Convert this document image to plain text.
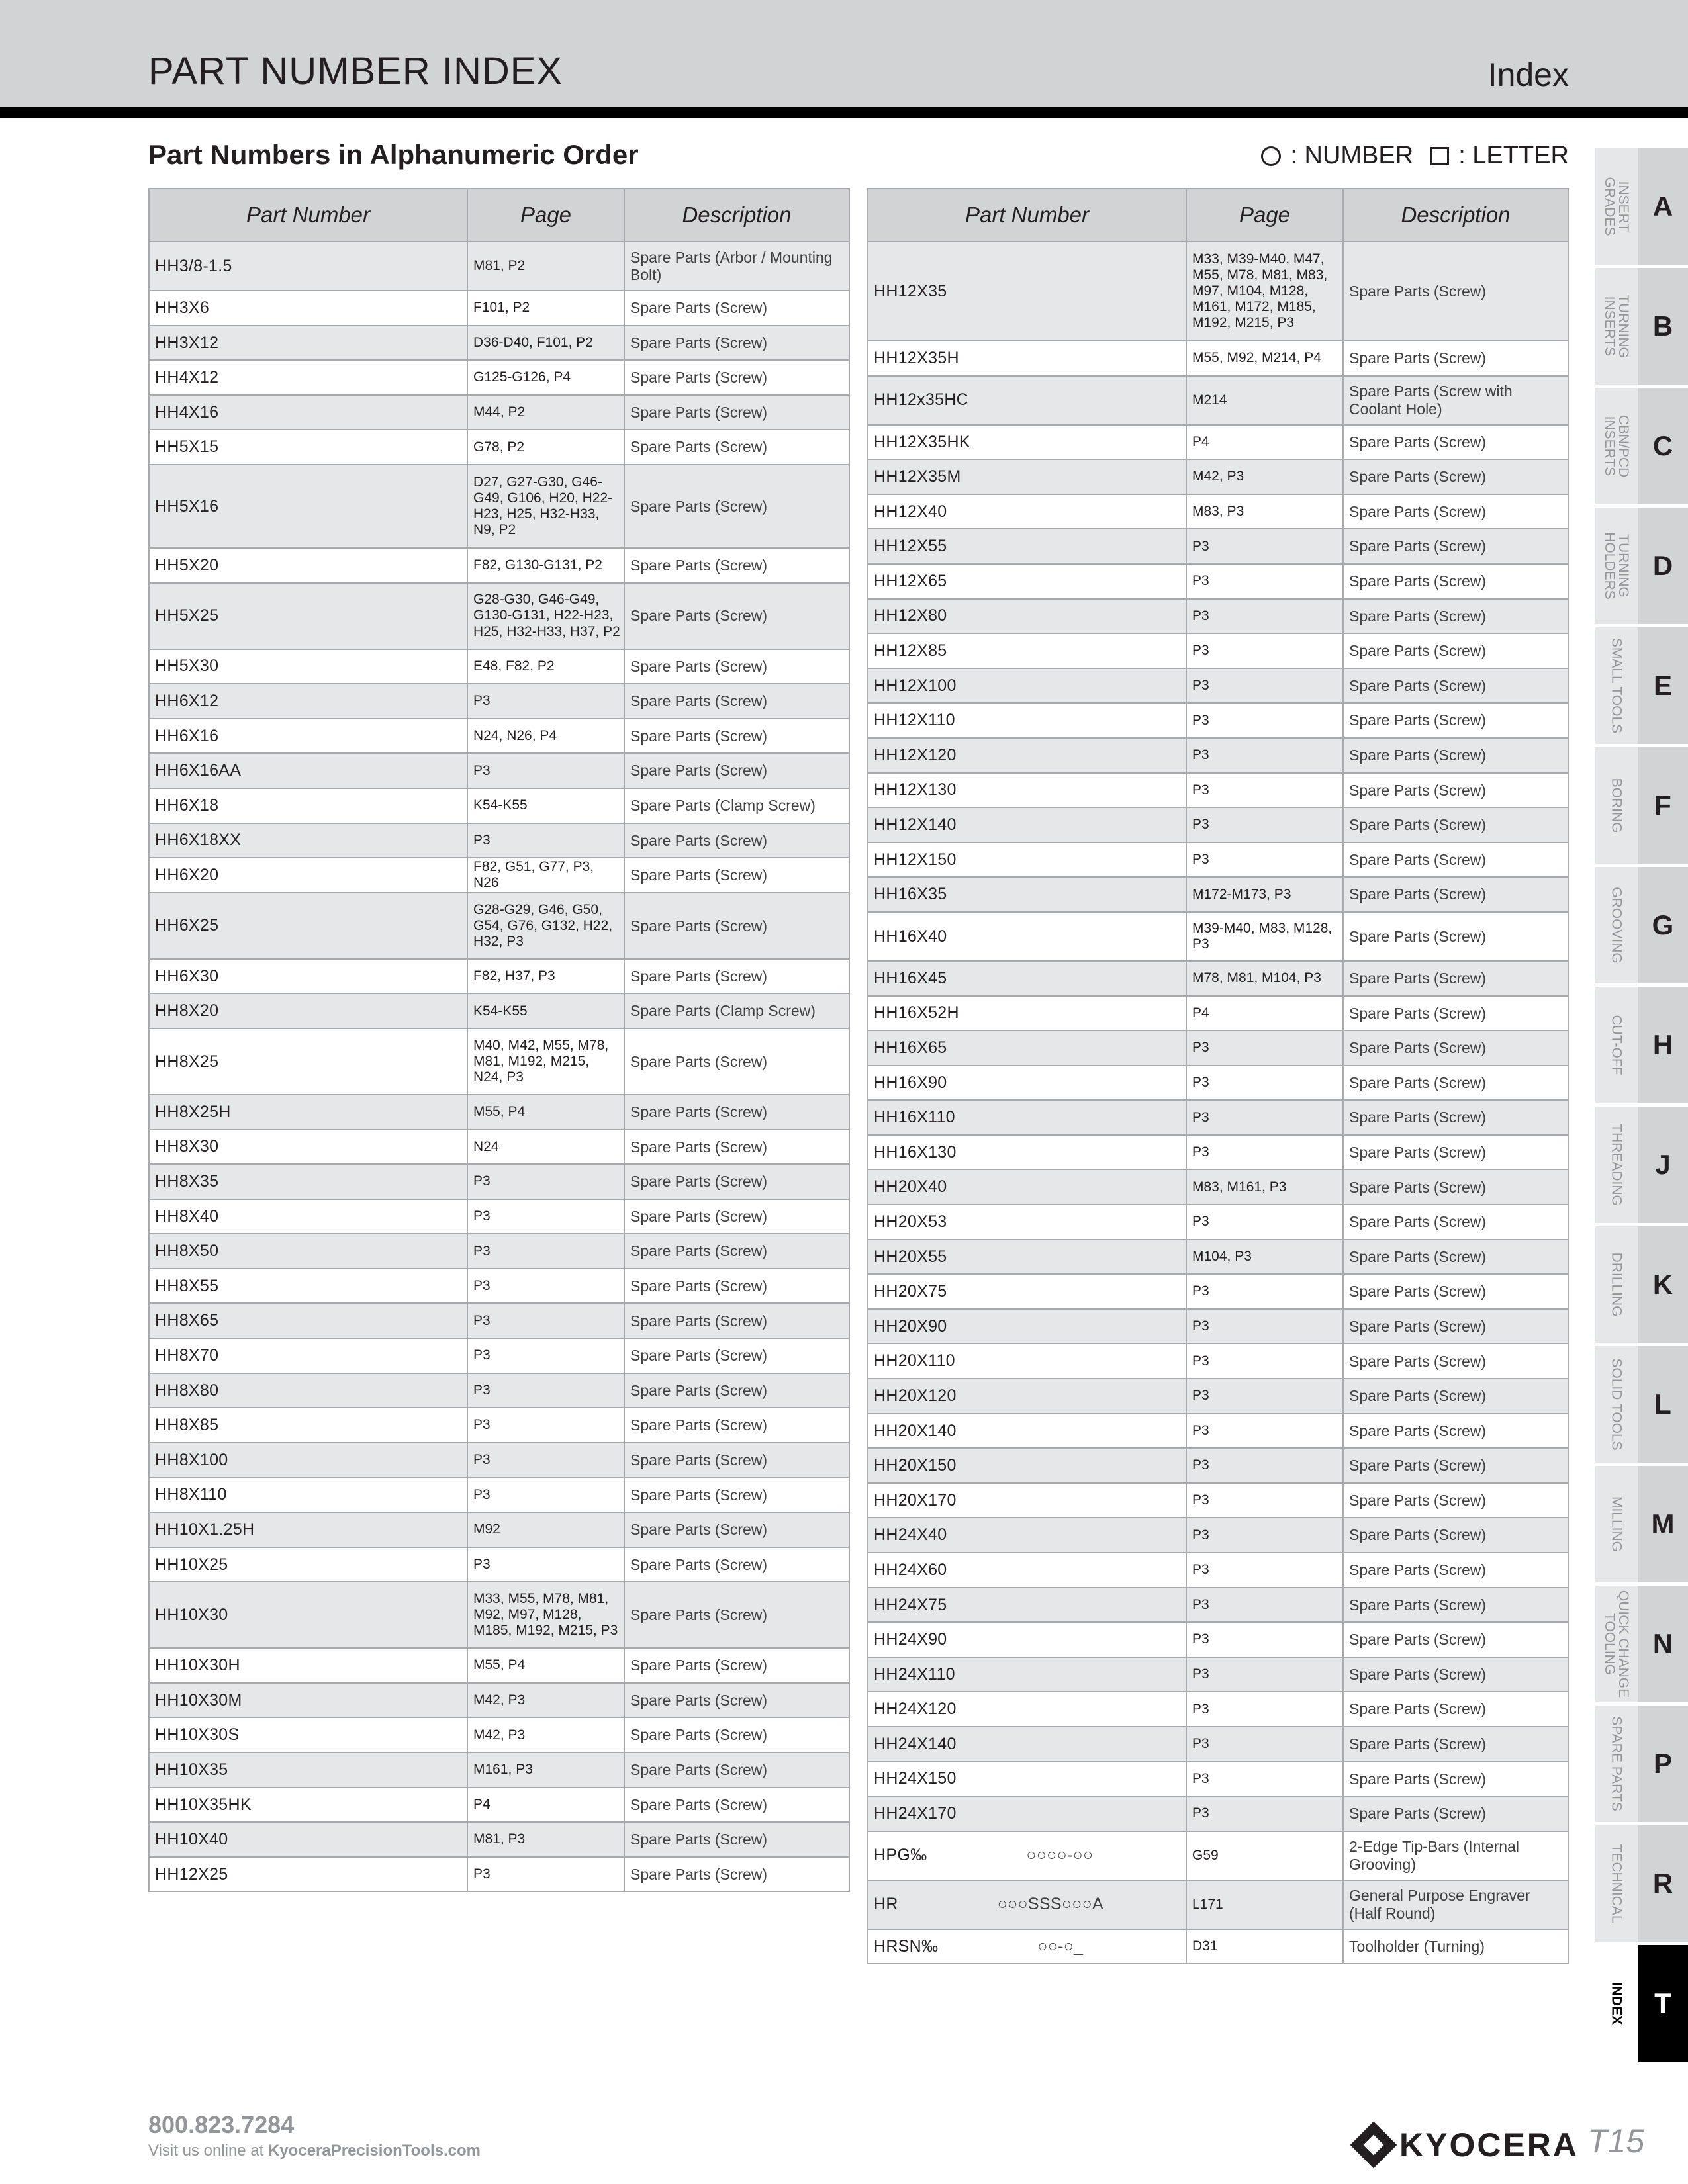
PART NUMBER INDEX	Index
Part Numbers in Alphanumeric Order	: NUMBER : LETTER
Part Number	Page	Description
HH3/8-1.5	M81, P2	Spare Parts (Arbor / Mounting Bolt)
HH3X6	F101, P2	Spare Parts (Screw)
HH3X12	D36-D40, F101, P2	Spare Parts (Screw)
HH4X12	G125-G126, P4	Spare Parts (Screw)
HH4X16	M44, P2	Spare Parts (Screw)
HH5X15	G78, P2	Spare Parts (Screw)
HH5X16	D27, G27-G30, G46-G49, G106, H20, H22-H23, H25, H32-H33, N9, P2	Spare Parts (Screw)
HH5X20	F82, G130-G131, P2	Spare Parts (Screw)
HH5X25	G28-G30, G46-G49, G130-G131, H22-H23, H25, H32-H33, H37, P2	Spare Parts (Screw)
HH5X30	E48, F82, P2	Spare Parts (Screw)
HH6X12	P3	Spare Parts (Screw)
HH6X16	N24, N26, P4	Spare Parts (Screw)
HH6X16AA	P3	Spare Parts (Screw)
HH6X18	K54-K55	Spare Parts (Clamp Screw)
HH6X18XX	P3	Spare Parts (Screw)
HH6X20	F82, G51, G77, P3, N26	Spare Parts (Screw)
HH6X25	G28-G29, G46, G50, G54, G76, G132, H22, H32, P3	Spare Parts (Screw)
HH6X30	F82, H37, P3	Spare Parts (Screw)
HH8X20	K54-K55	Spare Parts (Clamp Screw)
HH8X25	M40, M42, M55, M78, M81, M192, M215, N24, P3	Spare Parts (Screw)
HH8X25H	M55, P4	Spare Parts (Screw)
HH8X30	N24	Spare Parts (Screw)
HH8X35	P3	Spare Parts (Screw)
HH8X40	P3	Spare Parts (Screw)
HH8X50	P3	Spare Parts (Screw)
HH8X55	P3	Spare Parts (Screw)
HH8X65	P3	Spare Parts (Screw)
HH8X70	P3	Spare Parts (Screw)
HH8X80	P3	Spare Parts (Screw)
HH8X85	P3	Spare Parts (Screw)
HH8X100	P3	Spare Parts (Screw)
HH8X110	P3	Spare Parts (Screw)
HH10X1.25H	M92	Spare Parts (Screw)
HH10X25	P3	Spare Parts (Screw)
HH10X30	M33, M55, M78, M81, M92, M97, M128, M185, M192, M215, P3	Spare Parts (Screw)
HH10X30H	M55, P4	Spare Parts (Screw)
HH10X30M	M42, P3	Spare Parts (Screw)
HH10X30S	M42, P3	Spare Parts (Screw)
HH10X35	M161, P3	Spare Parts (Screw)
HH10X35HK	P4	Spare Parts (Screw)
HH10X40	M81, P3	Spare Parts (Screw)
HH12X25	P3	Spare Parts (Screw)
Part Number	Page	Description
HH12X35	M33, M39-M40, M47, M55, M78, M81, M83, M97, M104, M128, M161, M172, M185, M192, M215, P3	Spare Parts (Screw)
HH12X35H	M55, M92, M214, P4	Spare Parts (Screw)
HH12x35HC	M214	Spare Parts (Screw with Coolant Hole)
HH12X35HK	P4	Spare Parts (Screw)
HH12X35M	M42, P3	Spare Parts (Screw)
HH12X40	M83, P3	Spare Parts (Screw)
HH12X55	P3	Spare Parts (Screw)
HH12X65	P3	Spare Parts (Screw)
HH12X80	P3	Spare Parts (Screw)
HH12X85	P3	Spare Parts (Screw)
HH12X100	P3	Spare Parts (Screw)
HH12X110	P3	Spare Parts (Screw)
HH12X120	P3	Spare Parts (Screw)
HH12X130	P3	Spare Parts (Screw)
HH12X140	P3	Spare Parts (Screw)
HH12X150	P3	Spare Parts (Screw)
HH16X35	M172-M173, P3	Spare Parts (Screw)
HH16X40	M39-M40, M83, M128, P3	Spare Parts (Screw)
HH16X45	M78, M81, M104, P3	Spare Parts (Screw)
HH16X52H	P4	Spare Parts (Screw)
HH16X65	P3	Spare Parts (Screw)
HH16X90	P3	Spare Parts (Screw)
HH16X110	P3	Spare Parts (Screw)
HH16X130	P3	Spare Parts (Screw)
HH20X40	M83, M161, P3	Spare Parts (Screw)
HH20X53	P3	Spare Parts (Screw)
HH20X55	M104, P3	Spare Parts (Screw)
HH20X75	P3	Spare Parts (Screw)
HH20X90	P3	Spare Parts (Screw)
HH20X110	P3	Spare Parts (Screw)
HH20X120	P3	Spare Parts (Screw)
HH20X140	P3	Spare Parts (Screw)
HH20X150	P3	Spare Parts (Screw)
HH20X170	P3	Spare Parts (Screw)
HH24X40	P3	Spare Parts (Screw)
HH24X60	P3	Spare Parts (Screw)
HH24X75	P3	Spare Parts (Screw)
HH24X90	P3	Spare Parts (Screw)
HH24X110	P3	Spare Parts (Screw)
HH24X120	P3	Spare Parts (Screw)
HH24X140	P3	Spare Parts (Screw)
HH24X150	P3	Spare Parts (Screw)
HH24X170	P3	Spare Parts (Screw)
HPG‰ ○○○○-○○	G59	2-Edge Tip-Bars (Internal Grooving)
HR ○○○SSS○○○A	L171	General Purpose Engraver (Half Round)
HRSN‰ ○○-○_	D31	Toolholder (Turning)
INSERT GRADES	A
TURNING INSERTS	B
CBN/PCD INSERTS	C
TURNING HOLDERS	D
SMALL TOOLS	E
BORING	F
GROOVING	G
CUT-OFF	H
THREADING	J
DRILLING	K
SOLID TOOLS	L
MILLING M
QUICK CHANGE TOOLING	N
SPARE PARTS	P
TECHNICAL	R
INDEX	T
800.823.7284
Visit us online at KyoceraPrecisionTools.com	KYOCERA T15
